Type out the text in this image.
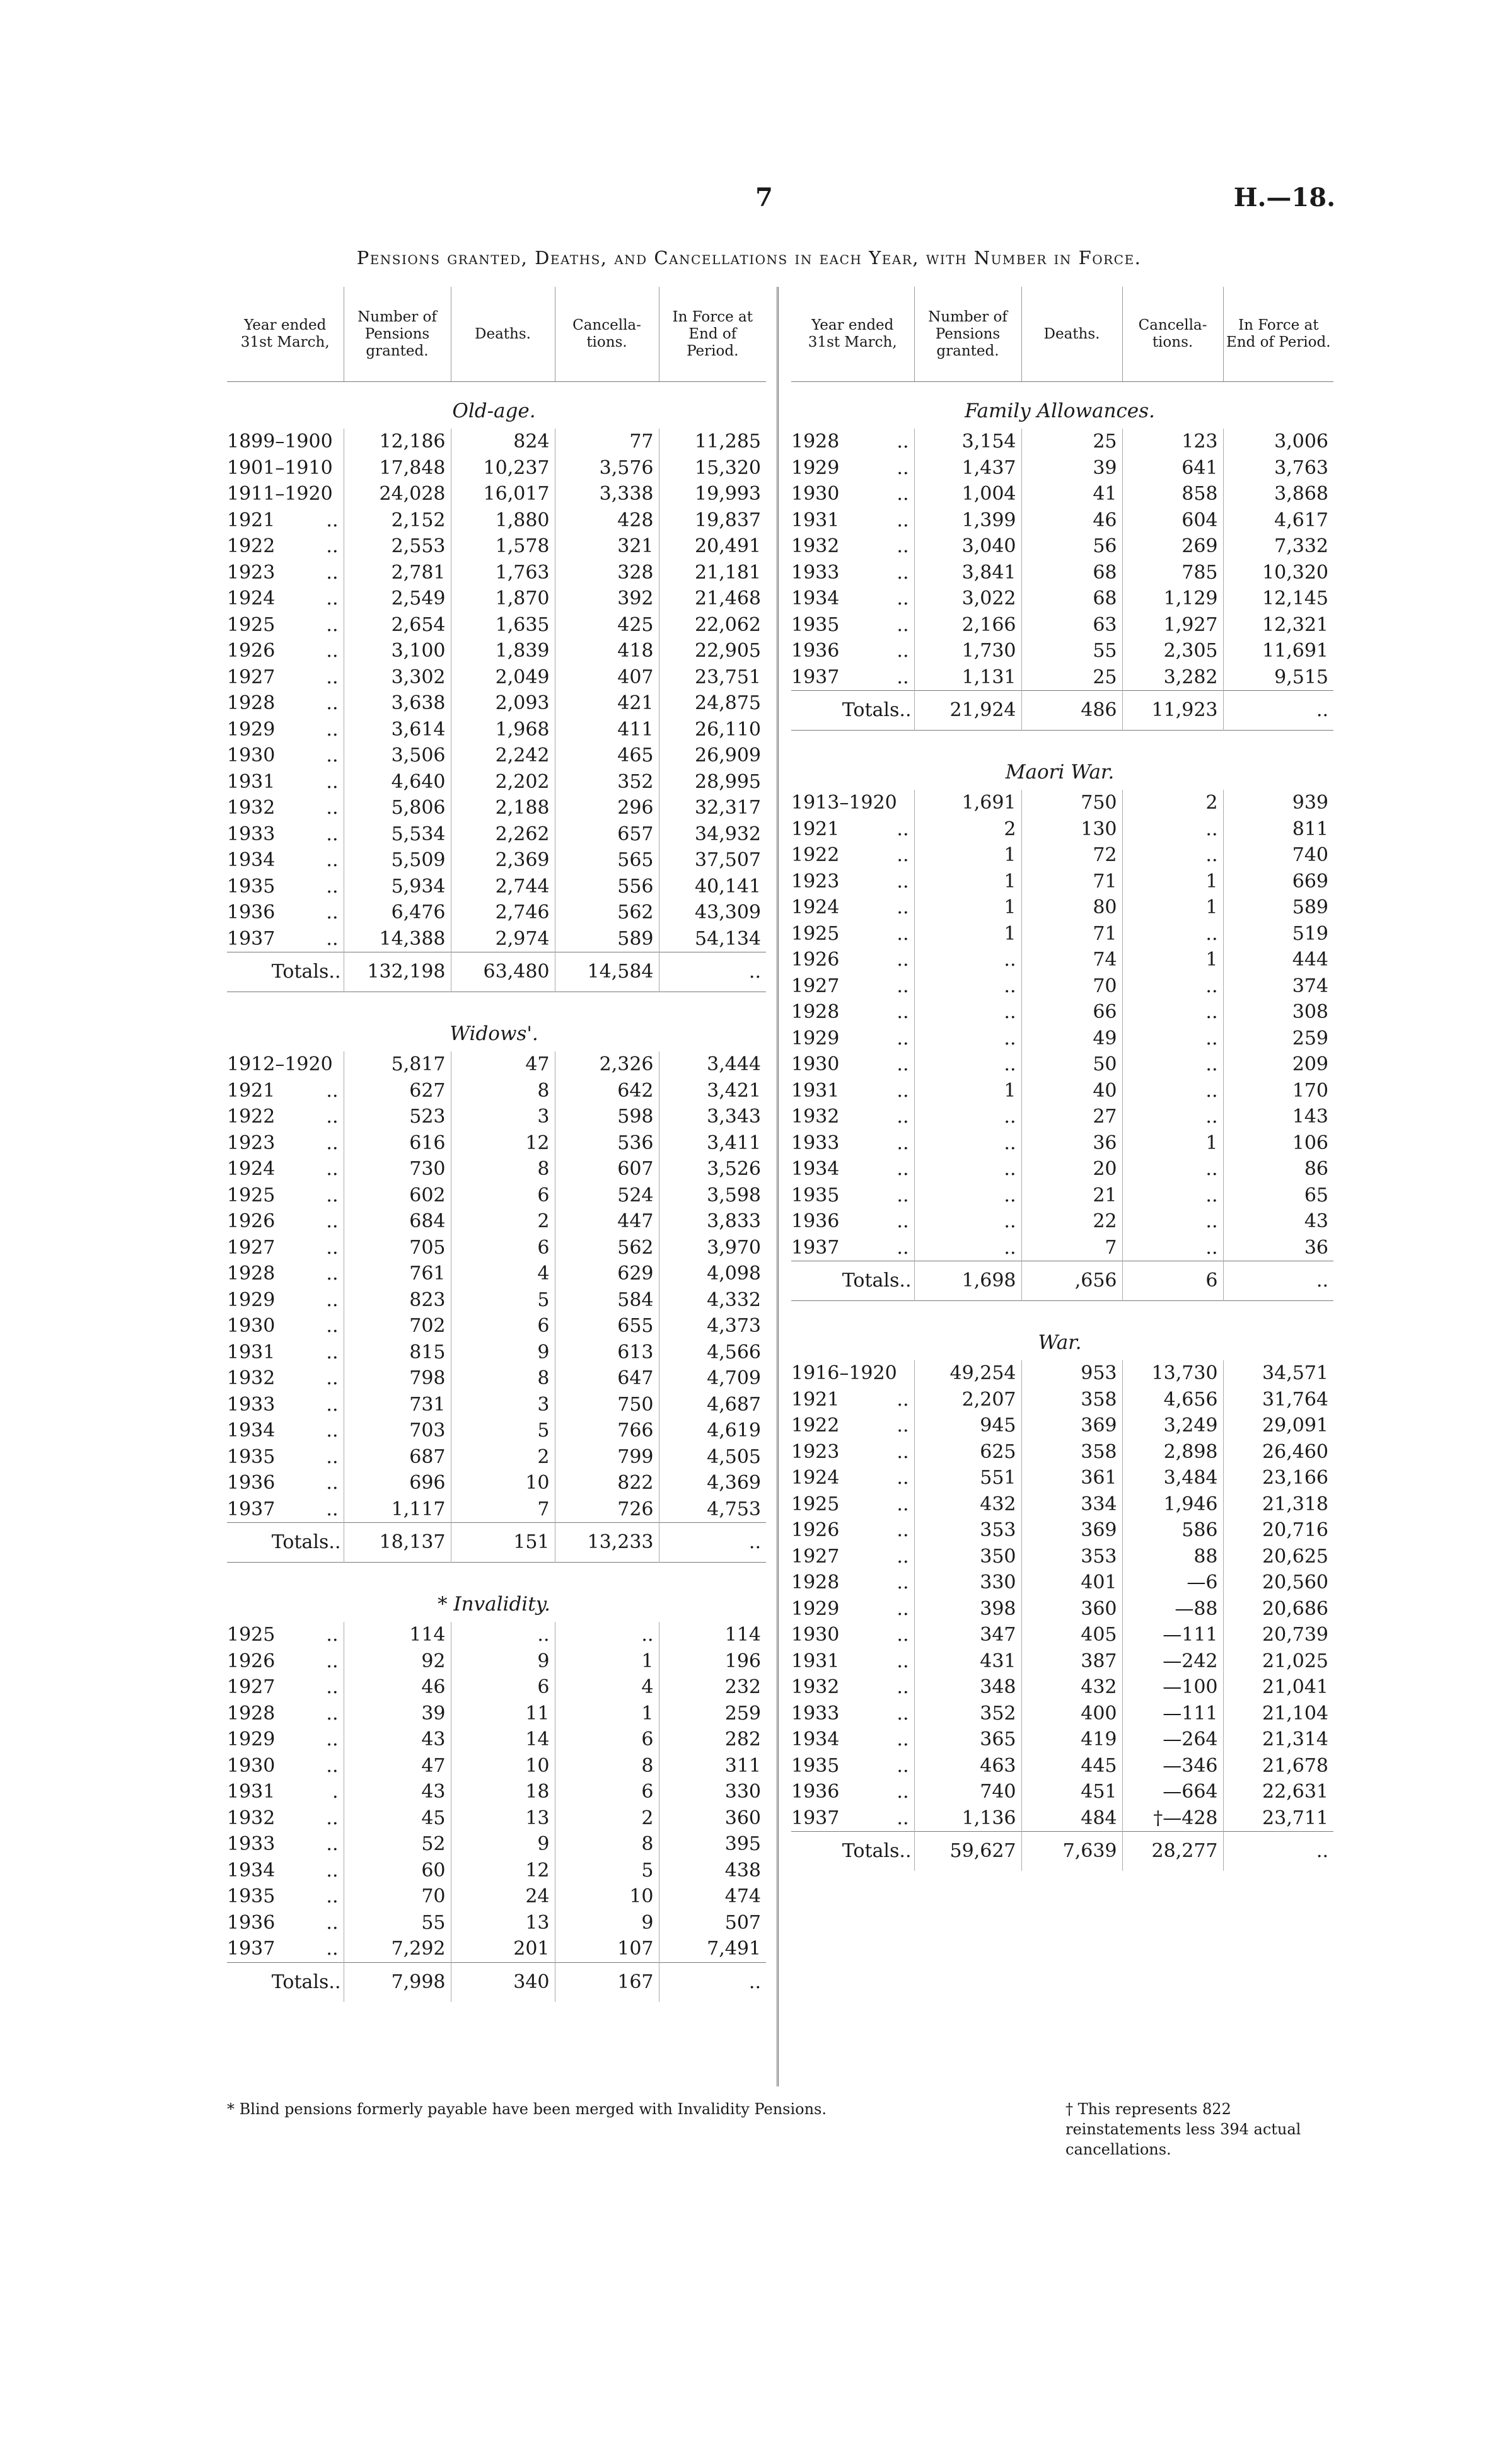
7	H.—18.
Pensions granted, Deaths, and Cancellations in each Year, with Number in Force.
Year ended 31st March,	Number of Pensions granted.	Deaths.	Cancella-tions.	In Force at End of Period.
Old-age.				
1899–1900	12,186	824	77	11,285
1901–1910	17,848	10,237	3,576	15,320
1911–1920	24,028	16,017	3,338	19,993
1921 ..	2,152	1,880	428	19,837
1922 ..	2,553	1,578	321	20,491
1923 ..	2,781	1,763	328	21,181
1924 ..	2,549	1,870	392	21,468
1925 ..	2,654	1,635	425	22,062
1926 ..	3,100	1,839	418	22,905
1927 ..	3,302	2,049	407	23,751
1928 ..	3,638	2,093	421	24,875
1929 ..	3,614	1,968	411	26,110
1930 ..	3,506	2,242	465	26,909
1931 ..	4,640	2,202	352	28,995
1932 ..	5,806	2,188	296	32,317
1933 ..	5,534	2,262	657	34,932
1934 ..	5,509	2,369	565	37,507
1935 ..	5,934	2,744	556	40,141
1936 ..	6,476	2,746	562	43,309
1937 ..	14,388	2,974	589	54,134
Totals..	132,198	63,480	14,584	..

Widows'.				
1912–1920	5,817	47	2,326	3,444
1921 ..	627	8	642	3,421
1922 ..	523	3	598	3,343
1923 ..	616	12	536	3,411
1924 ..	730	8	607	3,526
1925 ..	602	6	524	3,598
1926 ..	684	2	447	3,833
1927 ..	705	6	562	3,970
1928 ..	761	4	629	4,098
1929 ..	823	5	584	4,332
1930 ..	702	6	655	4,373
1931 ..	815	9	613	4,566
1932 ..	798	8	647	4,709
1933 ..	731	3	750	4,687
1934 ..	703	5	766	4,619
1935 ..	687	2	799	4,505
1936 ..	696	10	822	4,369
1937 ..	1,117	7	726	4,753
Totals..	18,137	151	13,233	..

* Invalidity.				
1925 ..	114	..	..	114
1926 ..	92	9	1	196
1927 ..	46	6	4	232
1928 ..	39	11	1	259
1929 ..	43	14	6	282
1930 ..	47	10	8	311
1931 .	43	18	6	330
1932 ..	45	13	2	360
1933 ..	52	9	8	395
1934 ..	60	12	5	438
1935 ..	70	24	10	474
1936 ..	55	13	9	507
1937 ..	7,292	201	107	7,491
Totals..	7,998	340	167	..
Year ended 31st March,	Number of Pensions granted.	Deaths.	Cancella-tions.	In Force at End of Period.
Family Allowances.				
1928 ..	3,154	25	123	3,006
1929 ..	1,437	39	641	3,763
1930 ..	1,004	41	858	3,868
1931 ..	1,399	46	604	4,617
1932 ..	3,040	56	269	7,332
1933 ..	3,841	68	785	10,320
1934 ..	3,022	68	1,129	12,145
1935 ..	2,166	63	1,927	12,321
1936 ..	1,730	55	2,305	11,691
1937 ..	1,131	25	3,282	9,515
Totals..	21,924	486	11,923	..

Maori War.				
1913–1920	1,691	750	2	939
1921 ..	2	130	..	811
1922 ..	1	72	..	740
1923 ..	1	71	1	669
1924 ..	1	80	1	589
1925 ..	1	71	..	519
1926 ..	..	74	1	444
1927 ..	..	70	..	374
1928 ..	..	66	..	308
1929 ..	..	49	..	259
1930 ..	..	50	..	209
1931 ..	1	40	..	170
1932 ..	..	27	..	143
1933 ..	..	36	1	106
1934 ..	..	20	..	86
1935 ..	..	21	..	65
1936 ..	..	22	..	43
1937 ..	..	7	..	36
Totals..	1,698	,656	6	..

War.				
1916–1920	49,254	953	13,730	34,571
1921 ..	2,207	358	4,656	31,764
1922 ..	945	369	3,249	29,091
1923 ..	625	358	2,898	26,460
1924 ..	551	361	3,484	23,166
1925 ..	432	334	1,946	21,318
1926 ..	353	369	586	20,716
1927 ..	350	353	88	20,625
1928 ..	330	401	—6	20,560
1929 ..	398	360	—88	20,686
1930 ..	347	405	—111	20,739
1931 ..	431	387	—242	21,025
1932 ..	348	432	—100	21,041
1933 ..	352	400	—111	21,104
1934 ..	365	419	—264	21,314
1935 ..	463	445	—346	21,678
1936 ..	740	451	—664	22,631
1937 ..	1,136	484	†—428	23,711
Totals..	59,627	7,639	28,277	..
* Blind pensions formerly payable have been merged with Invalidity Pensions.	† This represents 822 reinstatements less 394 actual cancellations.
